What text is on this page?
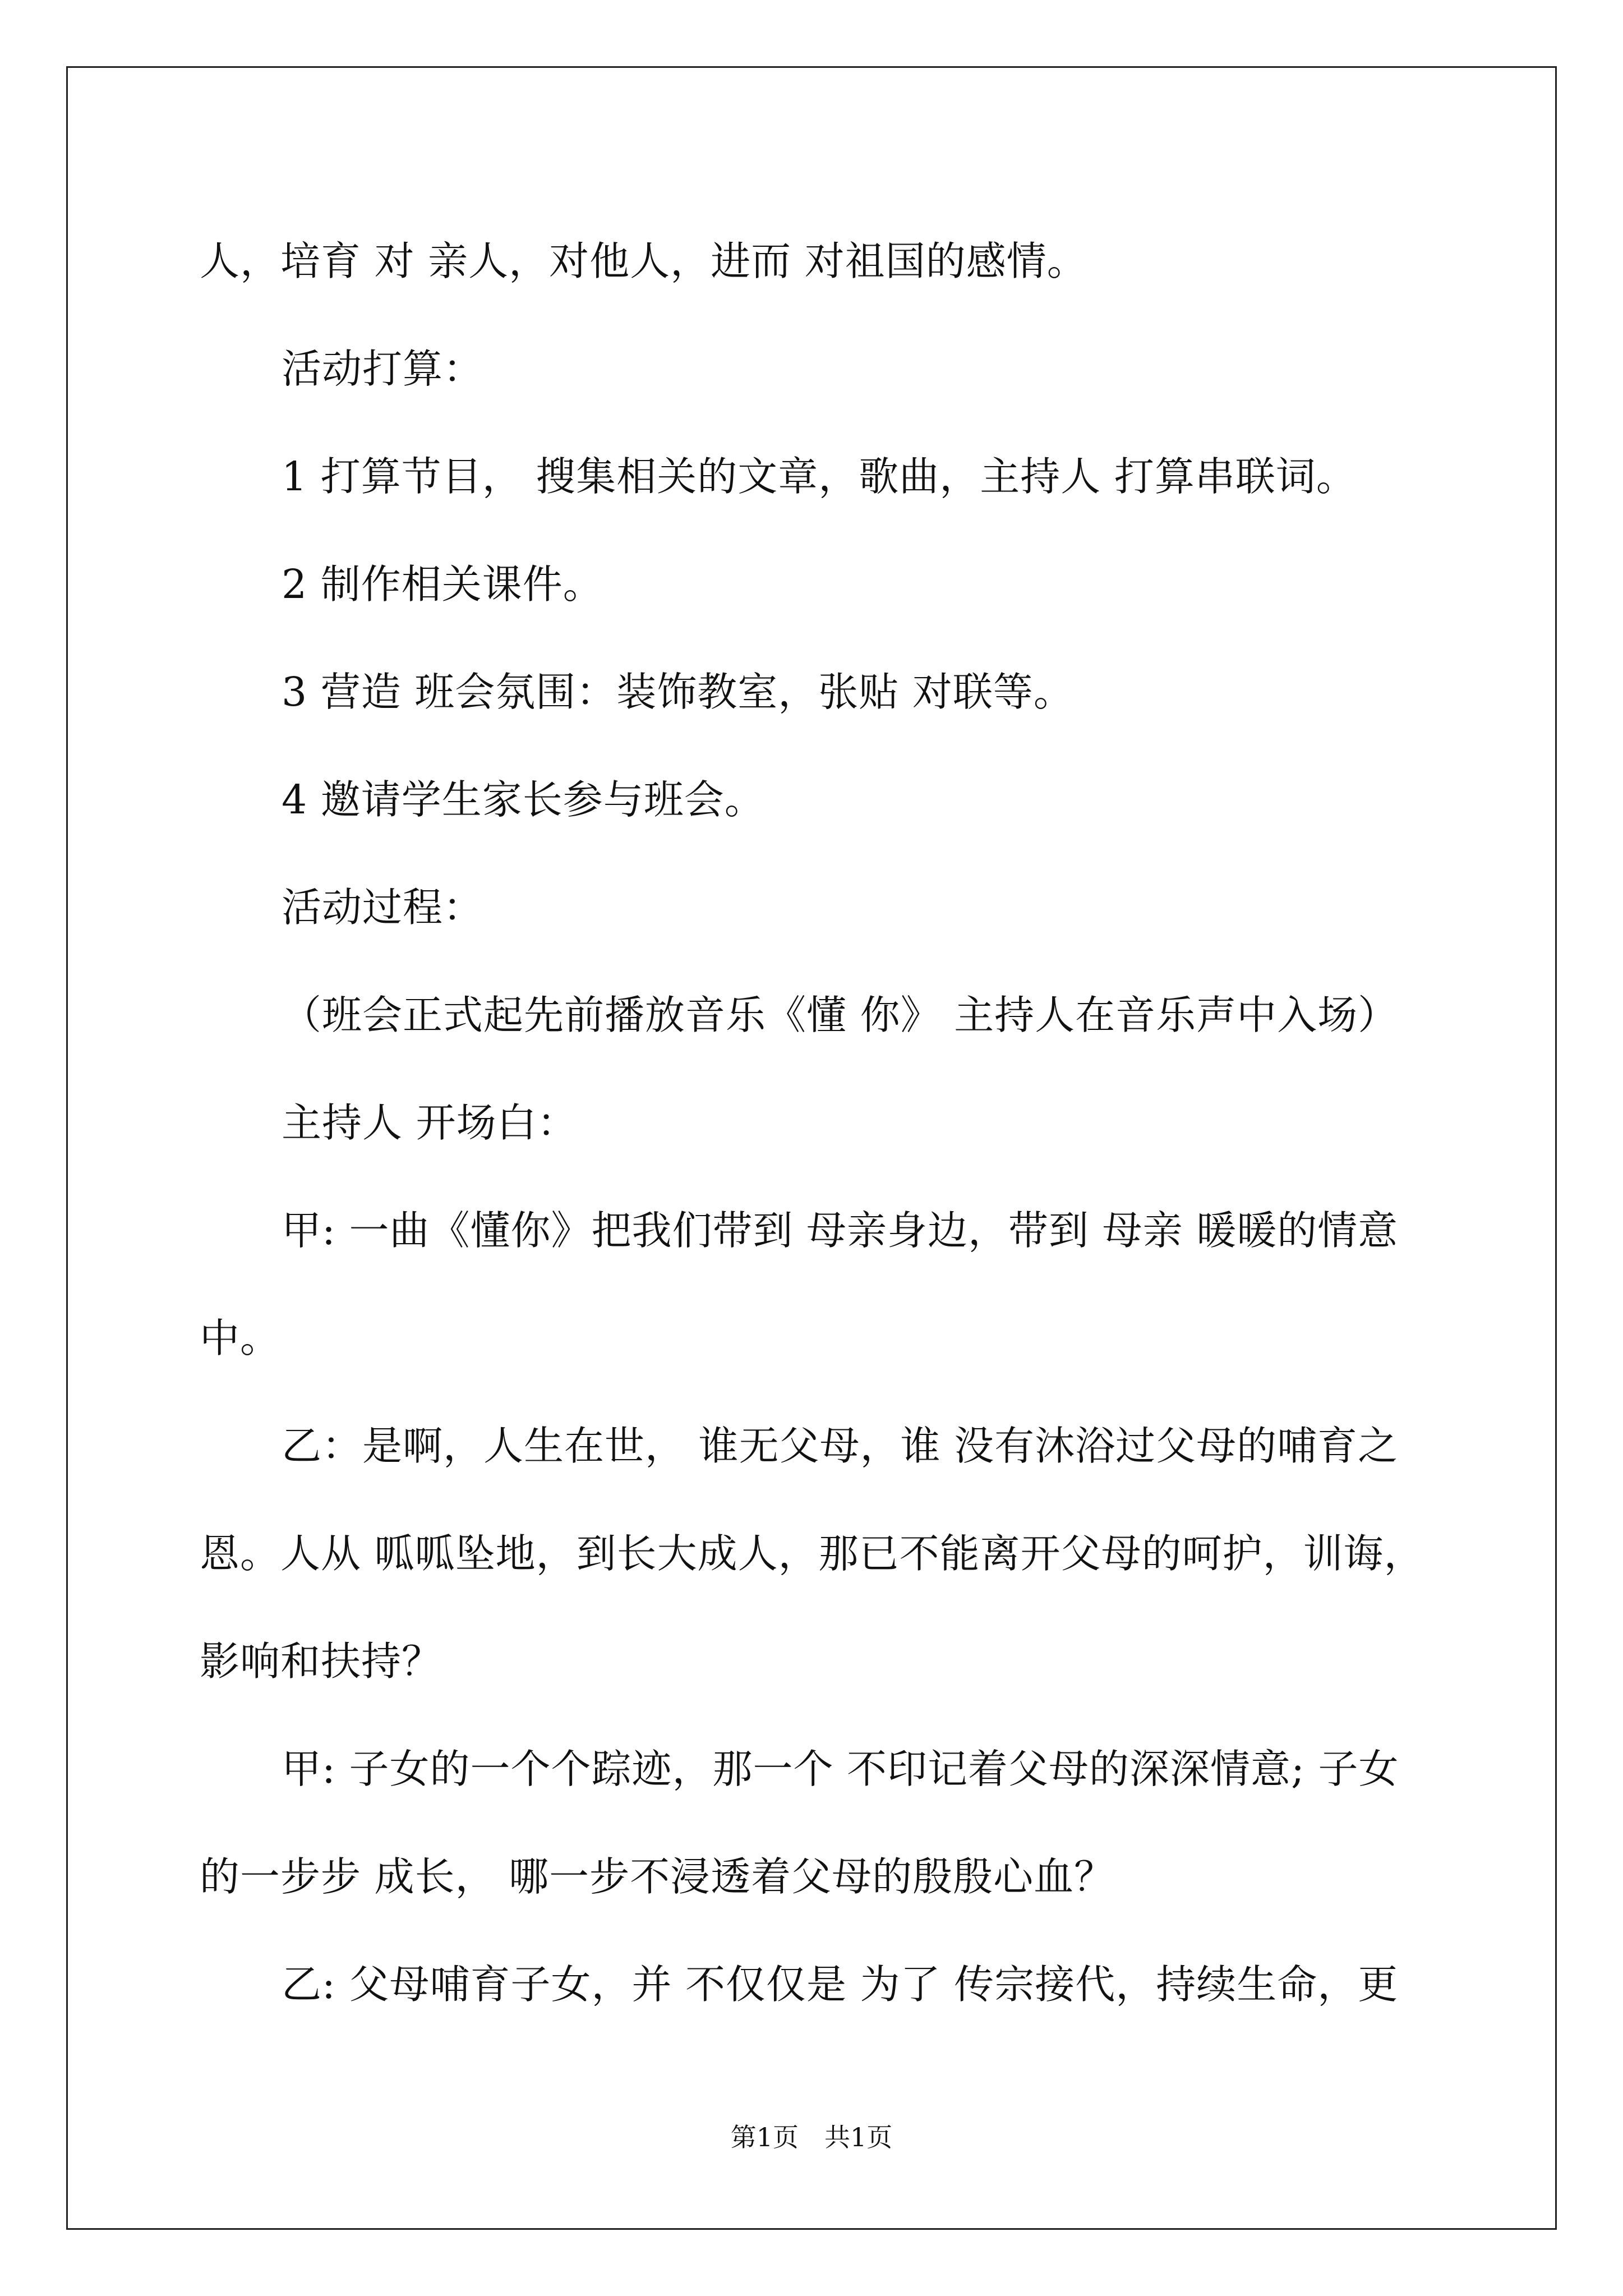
人，培育 对 亲人，对他人，进而 对祖国的感情。

活动打算：

1 打算节目， 搜集相关的文章，歌曲，主持人 打算串联词。

2 制作相关课件。

3 营造 班会氛围：装饰教室，张贴 对联等。

4 邀请学生家长参与班会。

活动过程：

（班会正式起先前播放音乐《懂 你》 主持人在音乐声中入场）

主持人 开场白：

甲: 一曲《懂你》把我们带到 母亲身边，带到 母亲 暖暖的情意

中。

乙：是啊，人生在世， 谁无父母，谁 没有沐浴过父母的哺育之

恩。人从 呱呱坠地，到长大成人，那已不能离开父母的呵护，训诲，

影响和扶持？

甲: 子女的一个个踪迹，那一个 不印记着父母的深深情意; 子女

的一步步 成长， 哪一步不浸透着父母的殷殷心血？

乙: 父母哺育子女，并 不仅仅是 为了 传宗接代，持续生命，更

第1页　共1页
